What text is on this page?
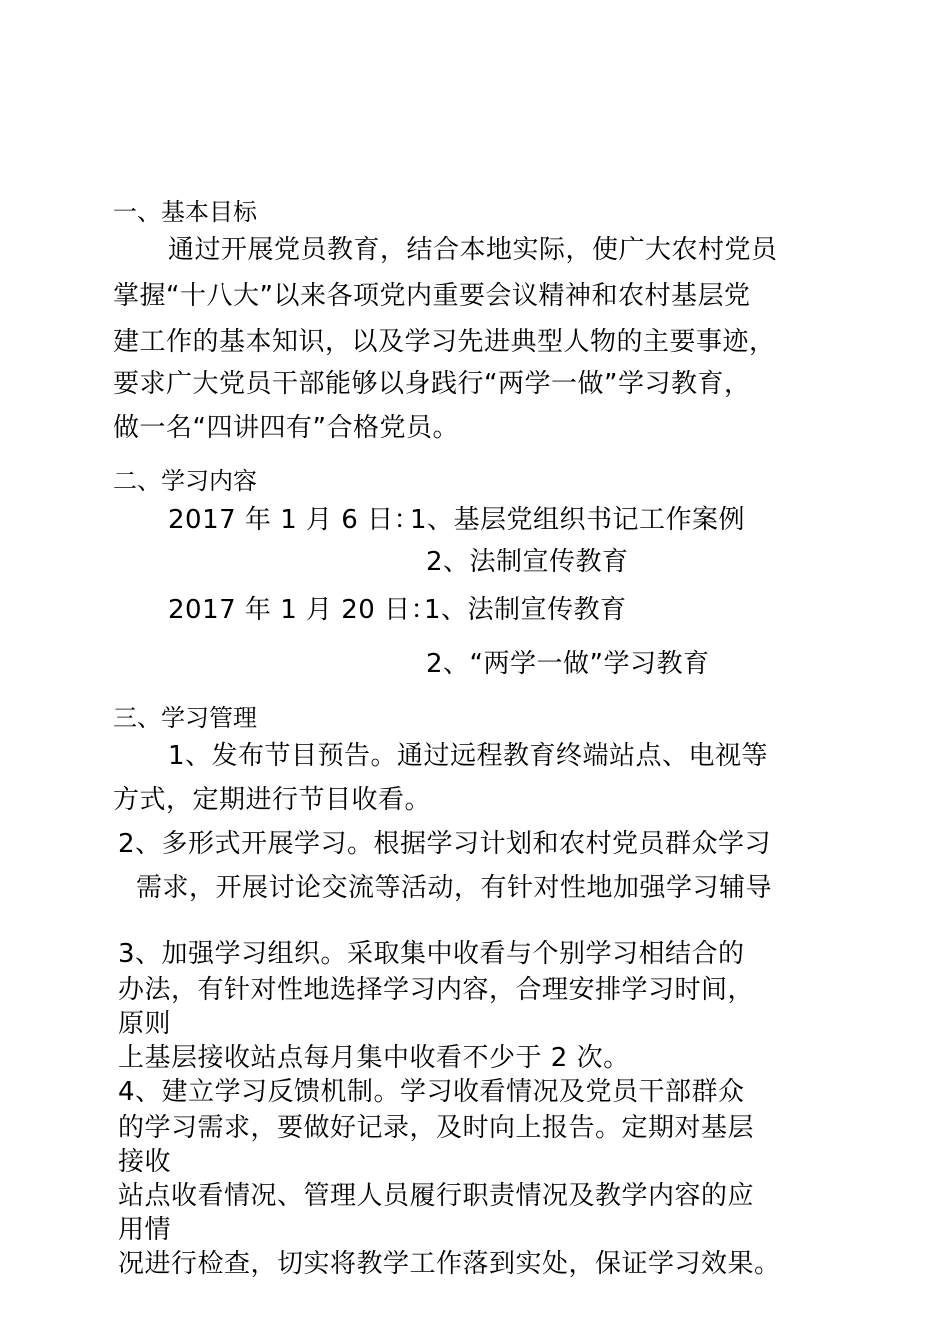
一、基本目标
通过开展党员教育，结合本地实际，使广大农村党员
掌握“十八大”以来各项党内重要会议精神和农村基层党
建工作的基本知识，以及学习先进典型人物的主要事迹，
要求广大党员干部能够以身践行“两学一做”学习教育，
做一名“四讲四有”合格党员。
二、学习内容
2017 年 1 月 6 日：
1、基层党组织书记工作案例
2、法制宣传教育
2017 年 1 月 20 日：
1、法制宣传教育
2、“两学一做”学习教育
三、学习管理
1、发布节目预告。通过远程教育终端站点、电视等
方式，定期进行节目收看。
2、多形式开展学习。根据学习计划和农村党员群众学习
需求，开展讨论交流等活动，有针对性地加强学习辅导
3、加强学习组织。采取集中收看与个别学习相结合的
办法，有针对性地选择学习内容，合理安排学习时间，
原则
上基层接收站点每月集中收看不少于 2 次。
4、建立学习反馈机制。学习收看情况及党员干部群众
的学习需求，要做好记录，及时向上报告。定期对基层
接收
站点收看情况、管理人员履行职责情况及教学内容的应
用情
况进行检查，切实将教学工作落到实处，保证学习效果。
